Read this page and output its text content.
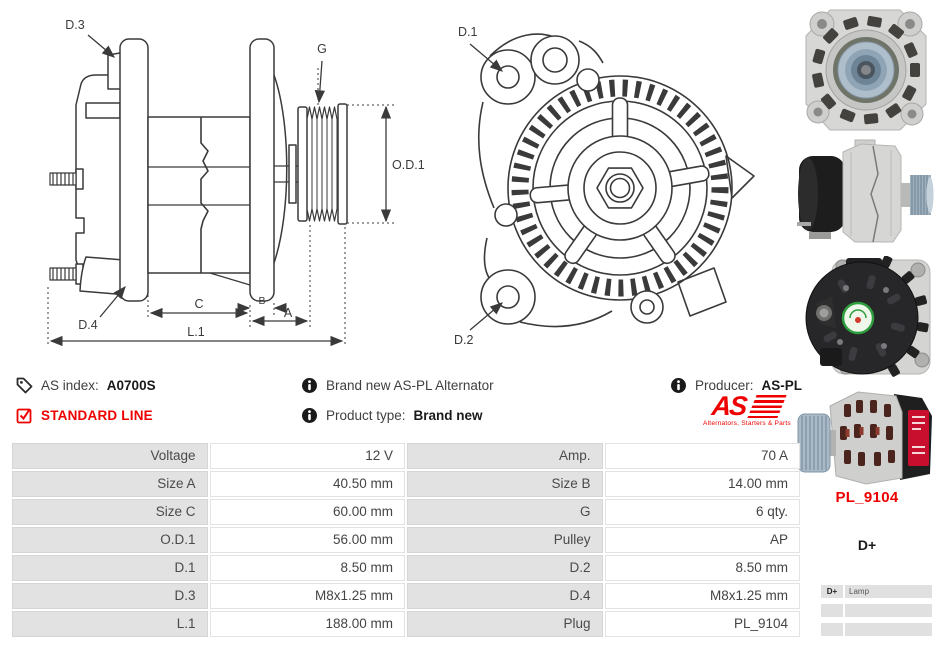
D.3
G
O.D.1
D.4
C	B
A
L.1
D.1
D.2
AS index: A0700S
STANDARD LINE
Brand new AS-PL Alternator
Product type: Brand new
Producer: AS-PL
AS
Alternators, Starters & Parts
Voltage	12 V	Amp.	70 A
Size A	40.50 mm	Size B	14.00 mm
Size C	60.00 mm	G	6 qty.
O.D.1	56.00 mm	Pulley	AP
D.1	8.50 mm	D.2	8.50 mm
D.3	M8x1.25 mm	D.4	M8x1.25 mm
L.1	188.00 mm	Plug	PL_9104
PL_9104
D+
D+	Lamp
